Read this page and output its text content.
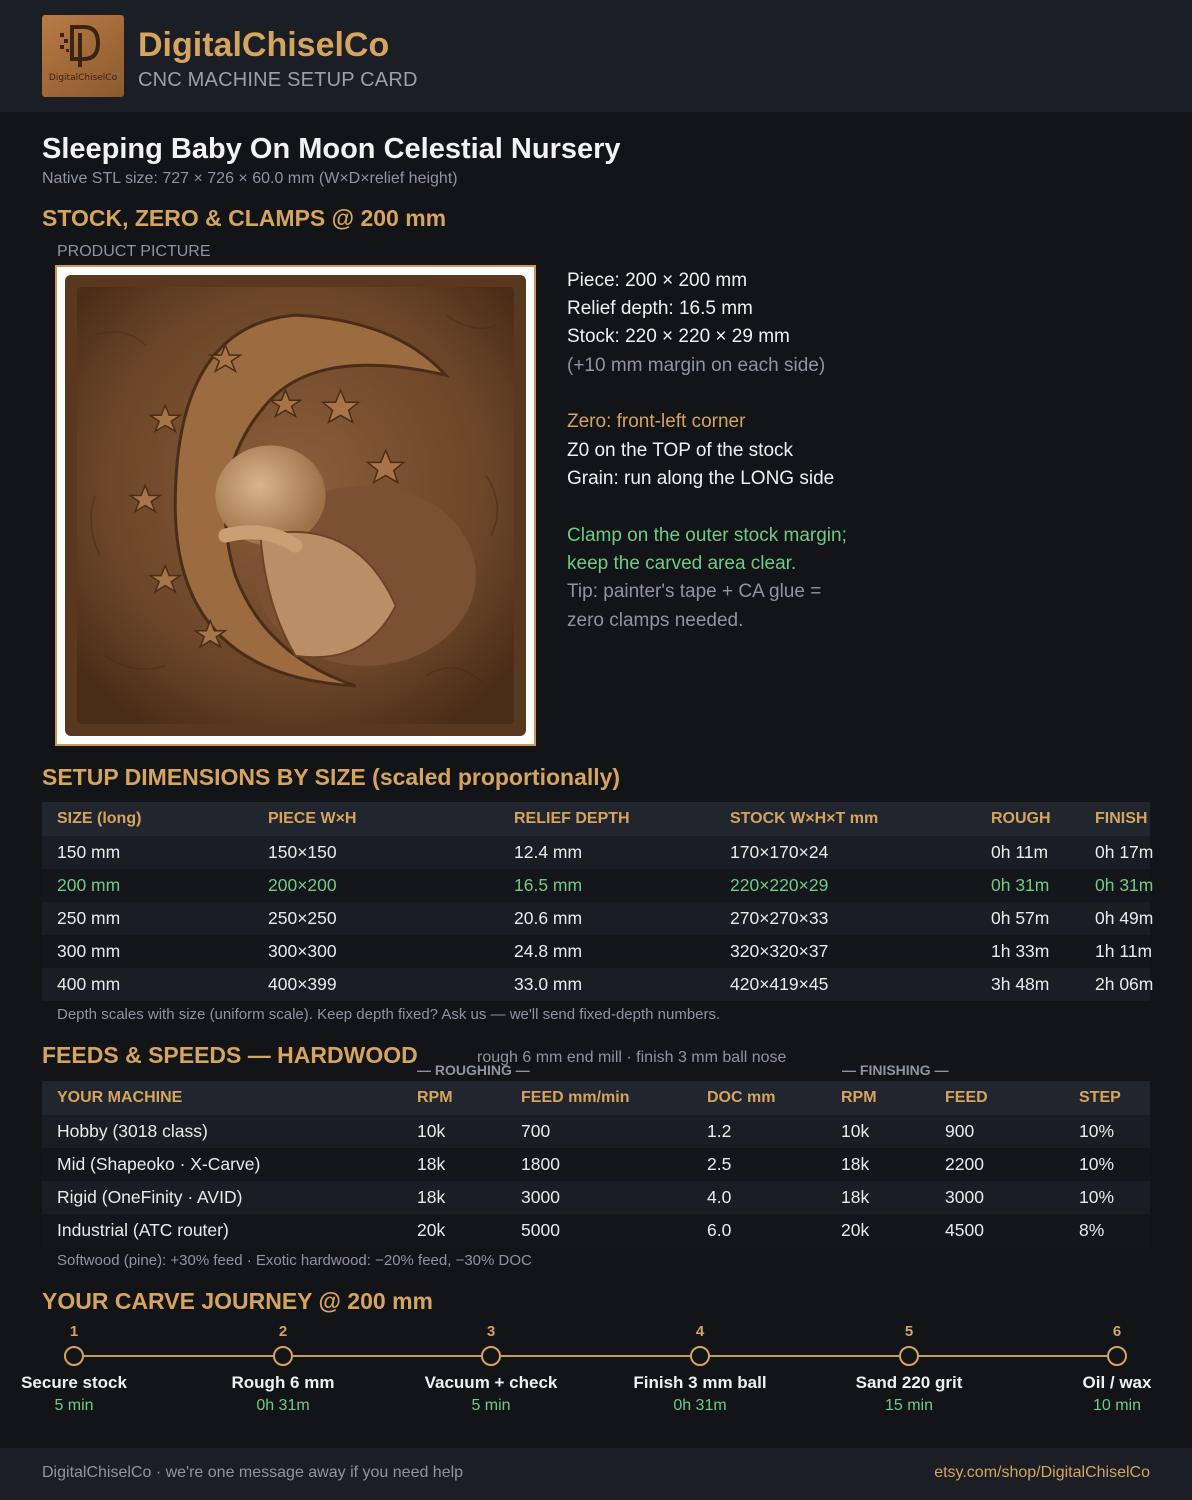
DigitalChiselCo
DigitalChiselCo
CNC MACHINE SETUP CARD
Sleeping Baby On Moon Celestial Nursery
Native STL size: 727 × 726 × 60.0 mm (W×D×relief height)
STOCK, ZERO & CLAMPS @ 200 mm
PRODUCT PICTURE
Piece: 200 × 200 mm
Relief depth: 16.5 mm
Stock: 220 × 220 × 29 mm
(+10 mm margin on each side)
Zero: front-left corner
Z0 on the TOP of the stock
Grain: run along the LONG side
Clamp on the outer stock margin;
keep the carved area clear.
Tip: painter's tape + CA glue =
zero clamps needed.
SETUP DIMENSIONS BY SIZE (scaled proportionally)
SIZE (long)	PIECE W×H	RELIEF DEPTH	STOCK W×H×T mm	ROUGH	FINISH
150 mm	150×150	12.4 mm	170×170×24	0h 11m	0h 17m
200 mm	200×200	16.5 mm	220×220×29	0h 31m	0h 31m
250 mm	250×250	20.6 mm	270×270×33	0h 57m	0h 49m
300 mm	300×300	24.8 mm	320×320×37	1h 33m	1h 11m
400 mm	400×399	33.0 mm	420×419×45	3h 48m	2h 06m
Depth scales with size (uniform scale). Keep depth fixed? Ask us — we'll send fixed-depth numbers.
FEEDS & SPEEDS — HARDWOOD	rough 6 mm end mill · finish 3 mm ball nose
— ROUGHING —	— FINISHING —
YOUR MACHINE	RPM	FEED mm/min	DOC mm	RPM	FEED	STEP
Hobby (3018 class)	10k	700	1.2	10k	900	10%
Mid (Shapeoko · X-Carve)	18k	1800	2.5	18k	2200	10%
Rigid (OneFinity · AVID)	18k	3000	4.0	18k	3000	10%
Industrial (ATC router)	20k	5000	6.0	20k	4500	8%
Softwood (pine): +30% feed · Exotic hardwood: −20% feed, −30% DOC
YOUR CARVE JOURNEY @ 200 mm
1
Secure stock
5 min
2
Rough 6 mm
0h 31m
3
Vacuum + check
5 min
4
Finish 3 mm ball
0h 31m
5
Sand 220 grit
15 min
6
Oil / wax
10 min
DigitalChiselCo · we're one message away if you need help	etsy.com/shop/DigitalChiselCo
